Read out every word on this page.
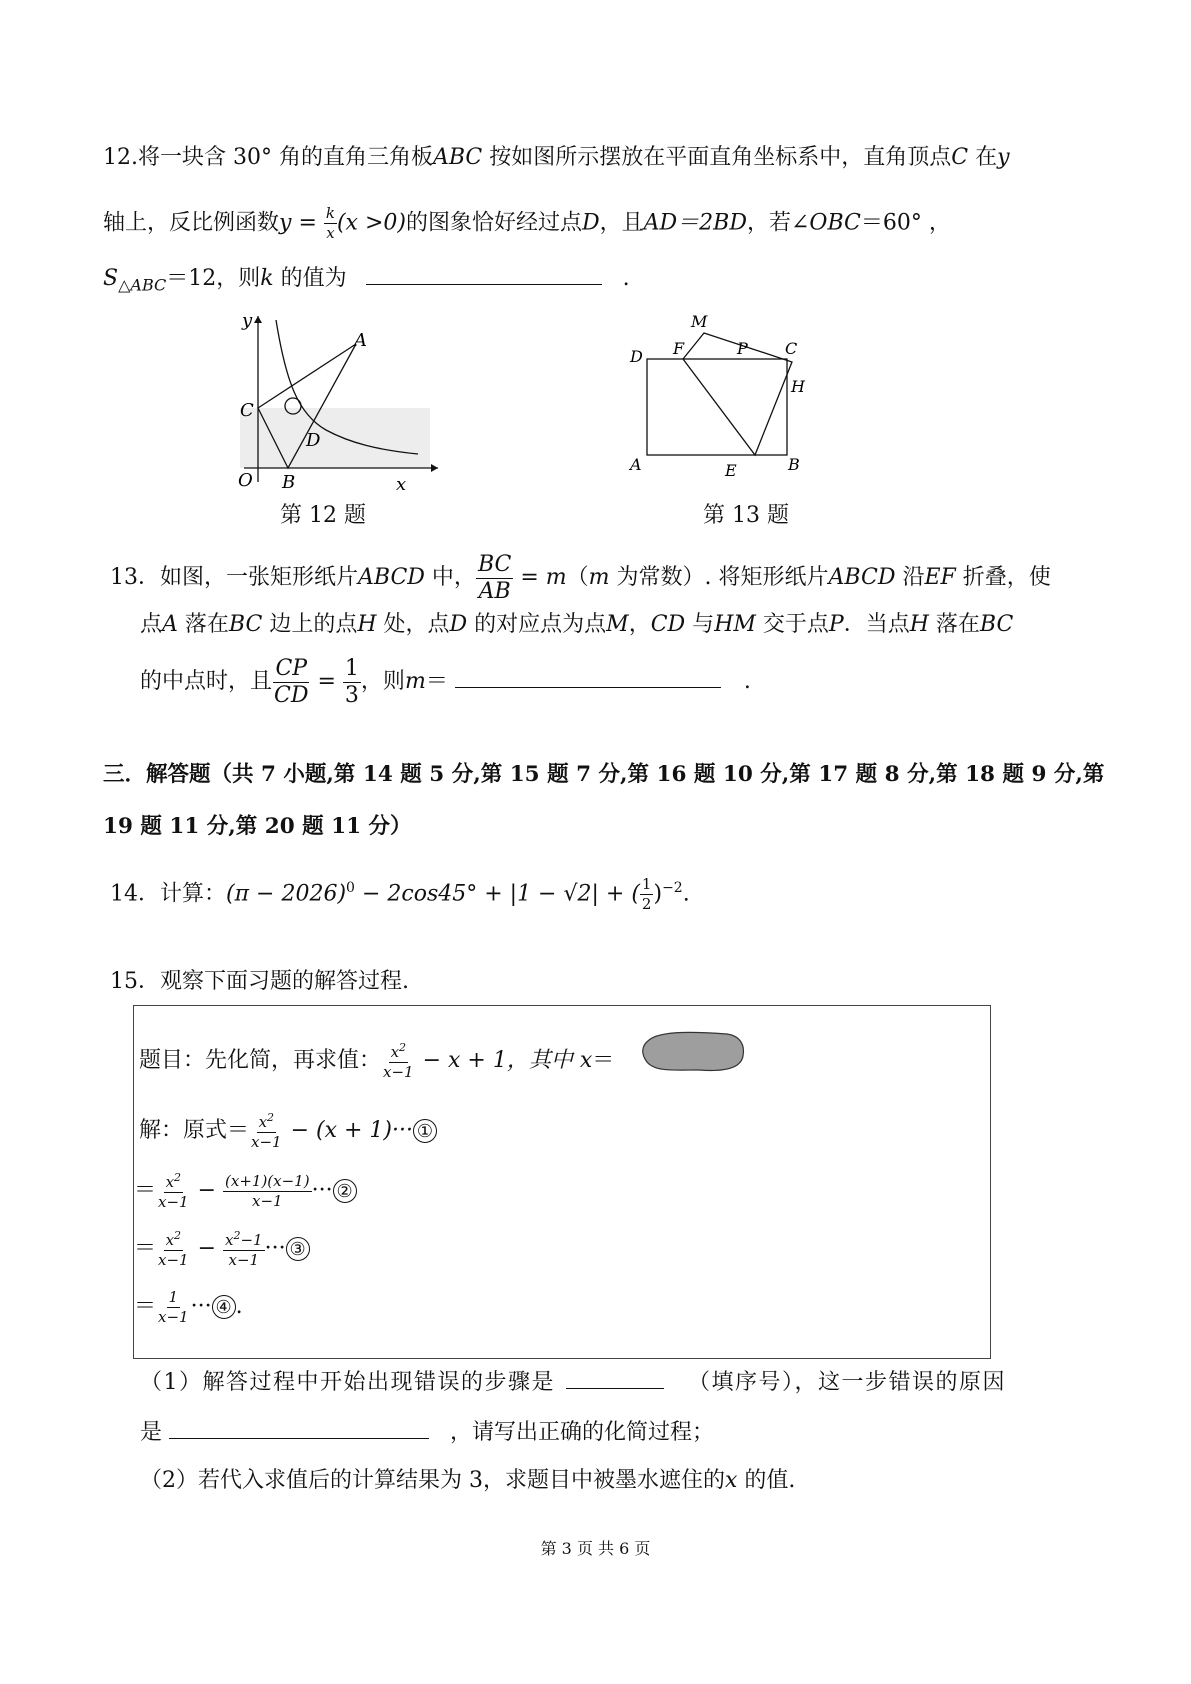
12.将一块含 30° 角的直角三角板ABC 按如图所示摆放在平面直角坐标系中，直角顶点C 在y
轴上，反比例函数$y = \frac{k}{x} (x >0)$的图象恰好经过点D，且AD＝2BD，若∠OBC＝60° ，
$S_{\triangle ABC}=12$，则k 的值为	.
y
x
O B
C
A
D
第 12 题
M
F	P C
D
H
A	E	B
第 13 题
13．如图，一张矩形纸片ABCD 中， $\frac{BC}{AB} = m(m$ 为常数）. 将矩形纸片ABCD 沿EF 折叠，使
点A 落在BC 边上的点H 处，点D 的对应点为点M，CD 与HM 交于点P．当点H 落在BC
的中点时，且 $\frac{CP}{CD} = \frac{1}{3}$ ，则m＝	.
三．解答题（共 7 小题,第 14 题 5 分,第 15 题 7 分,第 16 题 10 分,第 17 题 8 分,第 18 题 9 分,第
19 题 11 分,第 20 题 11 分）
14．计算：$(\pi - 2026)^0 - 2\cos 45^\circ + |1 - √2|$ + ( $\frac{1}{2} )^{-2}$.
15．观察下面习题的解答过程.
题目：先化简，再求值： $\frac{x^2}{x-1} - x + 1$，其中 x＝
解：原式＝ $\frac{x^2}{x-1} - (x + 1)\cdot\cdot\cdot$ ①
＝ $\frac{x^2}{x-1} - \frac{(x+1)(x-1)}{x-1}$ ··· ②
＝ $\frac{x^2}{x-1} - \frac{x^2-1}{x-1}$ ··· ③
＝ $\frac{1}{x-1}$ ··· ④ .
（1）解答过程中开始出现错误的步骤是	（填序号），这一步错误的原因
是	，请写出正确的化简过程；
（2）若代入求值后的计算结果为 3，求题目中被墨水遮住的x 的值.
第 3 页 共 6 页
